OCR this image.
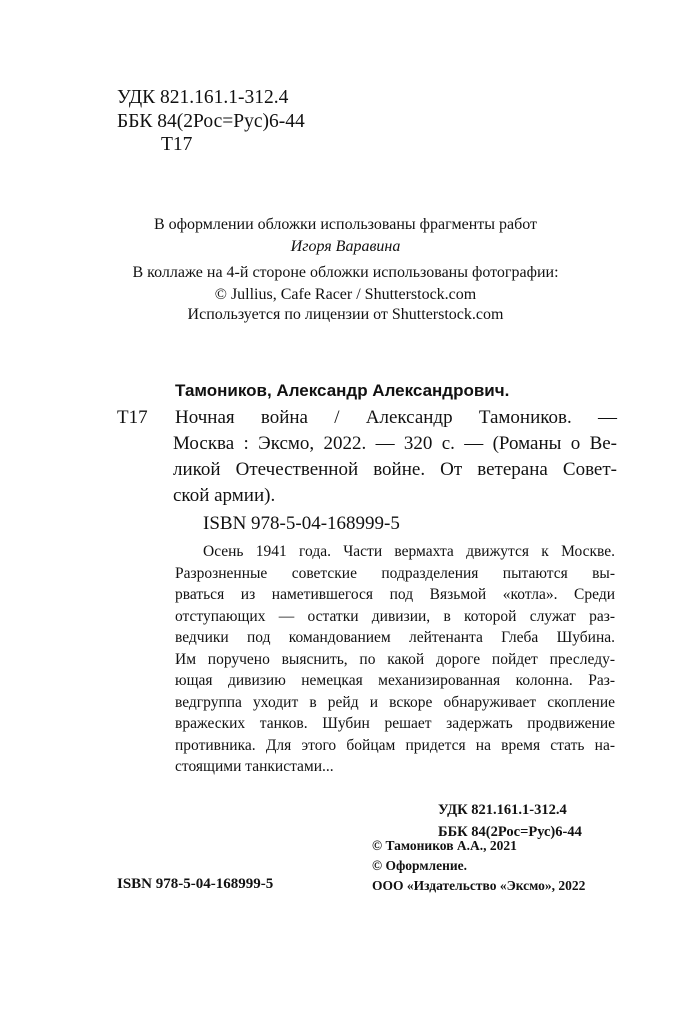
УДК 821.161.1-312.4
ББК 84(2Рос=Рус)6-44
Т17
В оформлении обложки использованы фрагменты работ
Игоря Варавина
В коллаже на 4-й стороне обложки использованы фотографии:
© Jullius, Cafe Racer / Shutterstock.com
Используется по лицензии от Shutterstock.com
Тамоников, Александр Александрович.
Т17 Ночная война / Александр Тамоников. —
Москва : Эксмо, 2022. — 320 с. — (Романы о Ве-
ликой Отечественной войне. От ветерана Совет-
ской армии).
ISBN 978-5-04-168999-5
Осень 1941 года. Части вермахта движутся к Москве.
Разрозненные советские подразделения пытаются вы-
рваться из наметившегося под Вязьмой «котла». Среди
отступающих — остатки дивизии, в которой служат раз-
ведчики под командованием лейтенанта Глеба Шубина.
Им поручено выяснить, по какой дороге пойдет преследу-
ющая дивизию немецкая механизированная колонна. Раз-
ведгруппа уходит в рейд и вскоре обнаруживает скопление
вражеских танков. Шубин решает задержать продвижение
противника. Для этого бойцам придется на время стать на-
стоящими танкистами...
УДК 821.161.1-312.4
ББК 84(2Рос=Рус)6-44
© Тамоников А.А., 2021
© Оформление.
ООО «Издательство «Эксмо», 2022
ISBN 978-5-04-168999-5
